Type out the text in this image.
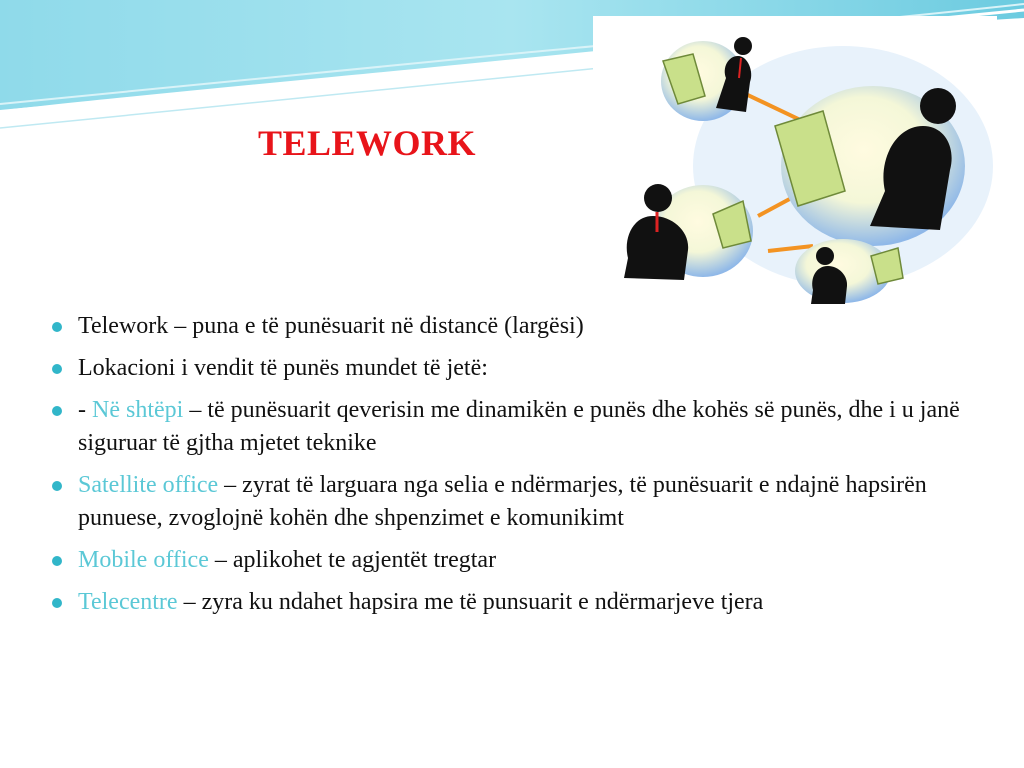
TELEWORK
Telework – puna e të punësuarit në distancë (largësi)
Lokacioni i vendit të punës mundet të jetë:
- Në shtëpi – të punësuarit qeverisin me dinamikën e punës dhe kohës së punës, dhe i u janë siguruar të gjtha mjetet teknike
Satellite office – zyrat të larguara nga selia e ndërmarjes, të punësuarit e ndajnë hapsirën punuese, zvoglojnë kohën dhe shpenzimet e komunikimt
Mobile office – aplikohet te agjentët tregtar
Telecentre – zyra ku ndahet hapsira me të punsuarit e ndërmarjeve tjera
